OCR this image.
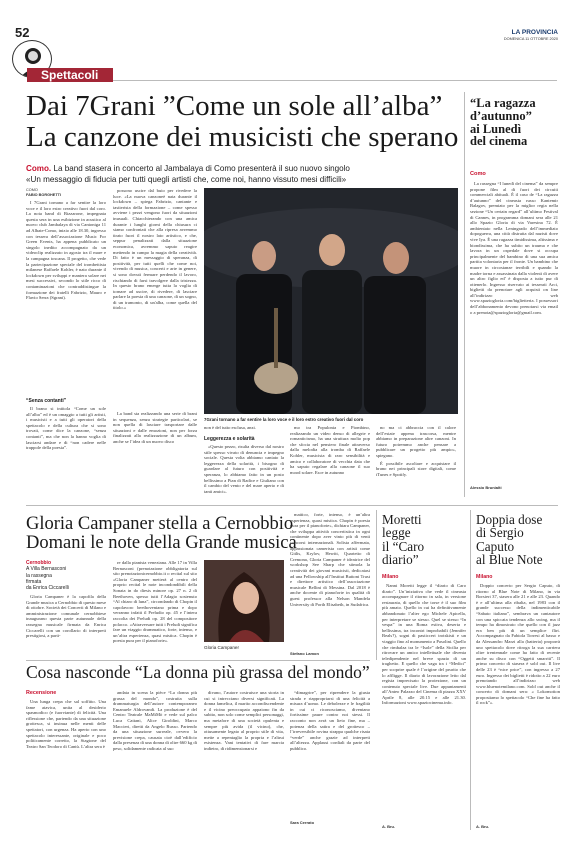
52
Spettacoli
LA PROVINCIA
DOMENICA 11 OTTOBRE 2020
Dai 7Grani ”Come un sole all’alba”
La canzone dei musicisti che sperano
Como. La band stasera in concerto al Jambalaya di Como presenterà il suo nuovo singolo
«Un messaggio di fiducia per tutti quegli artisti che, come noi, hanno vissuto mesi difficili»
COMO
FABIO BORGHETTI

I 7Grani tornano a far sentire la loro voce e il loro estro creativo fuori dal coro. La nota band di Bizzarone, impegnata questa sera in una esibizione in acustico al nuovo club Jambalaya di via Cantoniga 11 ad Albate-Como, inizio alle 18.30, ingresso con tessera dell’associazione Music For Green Events, ha appena pubblicato un singolo inedito accompagnato da un videoclip realizzato in agosto tra il mare e la campagna toscana. Il progetto, che vede la partecipazione speciale del trombettista milanese Raffaele Kohler, è nato durante il lockdown per sviluppi e maniera solare nei mesi successivi, secondo lo stile ricco di contaminazioni che contraddistingue la formazione dei fratelli Fabrizio, Mauro e Flavio Serra (Sgrani).

“Senza contanti”

Il brano si intitola “Come un sole all’alba” ed è un omaggio a tutti gli artisti, i musicisti e a tutti gli operatori della spettacolo e della cultura che si sono trovati, come dice la canzone, “senza contanti”, ma che non la hanno voglia di lasciarsi andare e di “non cadere nelle trappole della poesia”.

possono uscire dal buio per rivedere la luce. «La nuova canzoneè nata durante il lockdown – spiega Fabrizio, cantante e tastierista della formazione – come spesso avviene i pezzi vengono fuori da situazioni inusuali. Chiacchierando con una amica durante i lunghi giorni della chiusura ci siamo confrontati che alla ripresa avremmo tirato fuori il nostro lato artistico, e che, seppur penalizzati dalla situazione economica, avremmo saputo reagire mettendo in campo la magia della creatività. Di fatto è un messaggio di speranza, di positività, per tutti quelli che come noi, vivendo di musica, concerti e arte in genere, si sono dovuti fermare perdendo il lavoro, rischiando di farsi travolgere dalla tristezza. In questo brano emerge tutta la voglia di tornare ad uscire, di rivedere, di lasciare parlare la poesia di una canzone, di un sogno, di un tramonto, di un'alba, come quella del titolo.»

La band sta realizzando una serie di brani in sequenza, senza strategie particolari, se non quella di lasciare trasportare dalle situazioni e dalle emozioni, non per forza finalizzati alla realizzazione di un album, anche se l’idea di un nuovo disco

7Grani tornano a far sentire la loro voce e il loro estro creativo fuori dal coro

non è del tutto esclusa, anzi.

Leggerezza e solarità

«Questo pezzo, risulta diverso dal nostro stile spesso vivato di denuncia e impegno sociale. Questa volta abbiamo cantato la leggerezza della solarità, i bisogno di guardare al futuro con positività e speranza, lo abbiamo fatto in un posto bellissimo a Pian di Radice e Giuliano con il cambio del vento e del mare aperto e di tanti amici».

mo tra Populonia e Piombino, realizzando un video denso di allegrie e romanticismo, ha una struttura molto pop che sfocia nel pensiero finale attraverso dalla melodia alla tromba di Raffaele Kohler, musicista di raro sensibilità e amico e collaboratore di vecchia data che ha saputo regalare alla canzone il suo mood solare. Esce in autunno

no ma ci abbraccia con il calore dell’estate appena trascorsa, mentre abbiamo in preparazione altre canzoni. In futuro potremmo anche pensare a pubblicare un progetto più ampio», spiegano.

È possibile ascoltare e acquistare il brano nei principali store digitali, come iTunes e Spotify.

“La ragazza
d’autunno”
ai Lunedì
del cinema
Como

La rassegna “I lunedì del cinema” da sempre propone film al di fuori dei circuiti commerciali abituali. È il caso de “La ragazza d’autunno” del cineasta russo Kantemir Balagov, premiato per la miglior regia nella sezione “Un certain regard” all’ultimo Festival di Cannes, in programma domani sera alle 21 allo Spazio Gloria di via Varesina 72. È ambientato nella Leningrado dell’immediato dopoguerra, una città distrutta dal nazisti dove vive Iya. È una ragazza timidissima, altissima e biondissima, che ha subito un trauma e che lavora in un ospedale dove si occupa principalmente del bambino di una sua amica partita volontaria per il fronte. Un bambino che muore in circostanze terribili e quando la madre torna e assassinata dalla violenti di avere un altro figlio ed’ è disposta a tutto pur di ottenerlo. Ingresso riservato ai tesserati Arci, biglietti da prenotare agli acquisti on line all’indirizzo web www.spaziogloria.com/biglietteria. I possessori dell’abbonamento devono prenotarsi via email o a prenota@spaziogloria@gmail.com.

Alessio Brunialti
Gloria Campaner stella a Cernobbio
Domani le note della Grande musica
Cernobbio
A Villa Bernasconi
la rassegna
firmata
da Enrica Ciccarelli

Gloria Campaner è la capofila della Grande musica a Cernobbio di questo mese di ottobre. Società dei Concerti di Milano e amministrazione comunale cernobbiese inaugurano questa parte autunnale della rassegna musicale firmata da Enrica Ciccarelli con un corollario di interpreti prestigiosi, a parti-

re dalla pianista veneziana. Alle 17 in Villa Bernasconi (prenotazione obbligatoria sul sito prenotazionicernobbio.it o recital sul sito «Gloria Campaner metterà al centro del proprio recital le note incondondibili della Sonata in do diesis minore op. 27 n. 2 di Beethoven, spesso tutti l’Adagio sostenuto “Al chiaro di luna”, circondando di Chopin il capolavoro beethoveniano prima e dopo verranno infatti il Preludio op. 45 e l’intera raccolta dei Preludi op. 28 del compositore polacco. «Attraversare tutti i Preludi significa fare un viaggio drammatico, forte, intenso, e un’altra esperienza, quasi mistica. Chopin è poesia pura per il pianoforte».

Gloria Campaner

mattico, forte, intenso, è un’altra esperienza, quasi mistica. Chopin è poesia pura per il pianoforte», dichiara Campaner, che sviluppa attività concertistica in ogni continente dopo aver vinto più di venti concorsi internazionali. Solista affermata, appassionata camerista con artisti come Gitlis, Krylov, Hewitt, Quartetto di Cremona, Gloria Campaner è ideatrice del workshop See Sharp che stimola la creatività dei giovani musicisti, dedicatasi ad una Fellowship all’Institut Buttoni Trust e direttore artistico dell’associazione musicale Bellini di Messina. Dal 2018 è anche docente di pianoforte in qualità di guest professor alla Nelson Mandela University di Porth Elisabeth, in Sudafrica.

Stefano Lamon
Moretti
legge
il “Caro
diario”
Milano

Nanni Moretti legge il “diario di Caro diario”. Un’iniziativa che vede il cineasta accompagnare il ritorno in sala, in versione restaurata, di quello che torse è il suo film più amato. Quello in cui ha definitivamente abbandonato l’alter ego Michele Apicella, per interpretare se stesso. Quel se stesso “In vespa” in una Roma estiva, deserta e bellissima, tra incontri improbabili (Jennifer Beals?), sogni di pasticceri trotskisti e un viaggio fino al monumento a Pasolini. Quello che rimbalza tra le “Isole” della Sicilia per ritrovare un amico intellettuale che diventa teledipendente nel breve spazio di un traghetto. E quello che vaga tra i “Medici” per scoprire quale è l’origine del prurito che lo affligge. Il diario di lavorazione letto dal regista imprecisato la proiezione, con un contenuto speciale live. Due appuntamenti all’Anteo Palazzo del Cinema di piazza XXV Aprile 8, alle 20.15 e alle 21.30. Informazioni www.spaziocinema.info.

A. Bru.
Doppia dose
di Sergio
Caputo
al Blue Note
Milano

Doppio concerto per Sergio Caputo, di ritorno al Blue Note di Milano, in via Borsieri 37, stasera alle 21 e alle 23. Quando è e all’ultima alla ribalta, nel 1983 con il grande successo della indimenticabile “Sabato italiano”, sembrava un cantautore con una spiccata tendenza allo swing, ma il tempo ha dimostrato che quello con il jazz era ben più di un semplice flirt. Accompagnato da Fabiola Torresi al basso e da Alessandro Marzi alla (batteria) proporrà uno spettacolo dove ritroga la sua carriera oltre trentennale come ha fatto di recente anche su disco con “Oggetti smarriti”. Il primo concerto di stasera è sold out. Il live delle 23 è “nice price”, con ingresso a 27 euro. Ingresso dei biglietti è ridotto a 22 euro prenotando all’indirizzo web www.bluenotemilano.com. Sold out anche il concerto di domani sera: « Lokomotion propostiamo lo spettacolo “Che fine ha fatto il rock”».

A. Bru.
Cosa nasconde “La donna più grassa del mondo”
Recensione

Una lunga crepa che sal soffitto. Una fame atavica, unita al desiderio spasmodico (e fuorviante) di felicità. Una riflessione che, partendo da una situazione grottesca, si insinua nelle menti delle spettatori, con urgenza. Ha aperto con uno spettacolo interessante, originale e poco politicamente corretto, la Stagione del Teatro San Teodoro di Cantù. L’altra sera è

andata in scena la pièce “La donna più grassa del mondo”, costruita sulla drammaturgia dell’autore contemporaneo Emanuele Aldrovandi. La produzione è del Centro Teatrale MaMiMò e vede sul palco Luca Cattani, Alice Giroldini, Marco Maccieri, diretti da Angelo Russo. Partendo da una situazione surreale, ovvero la previsione crepa, causata cioè dall’edificio dalla presenza di una donna di oltre 660 kg di peso, solidamente radicata al suo

divano, l’autore costruisce una storia in cui si intrecciano diversi significati. La donna famelica, il marito accondiscendente e il vicino preoccupato appaiono fin da subito, non solo come semplici personaggi, ma metafore di una società opulenta e sempre più avida (il vicino), che, ottusamente legato al proprio stile di vita, mette a repentaglio la propria e l’altrui esistenza. Vani tentativi di fare marcia indietro, di ridimensionarsi e

“dimagrire”, per riprendere la giusta strada e riappropriarsi di una felicità a misura d’uomo. Le debolezze e le fragilità in cui ci riconosciamo, diventano fortissime paure contro noi stessi. Il racconto non avrà un lieto fine, ma – potenza della satira e del grottesco – l’irreversibile rovina strappa qualche risata “verde” anche grazie ad interpreti all’altezza. Applausi cordiali da parte del pubblico.

Sara Cerrato
